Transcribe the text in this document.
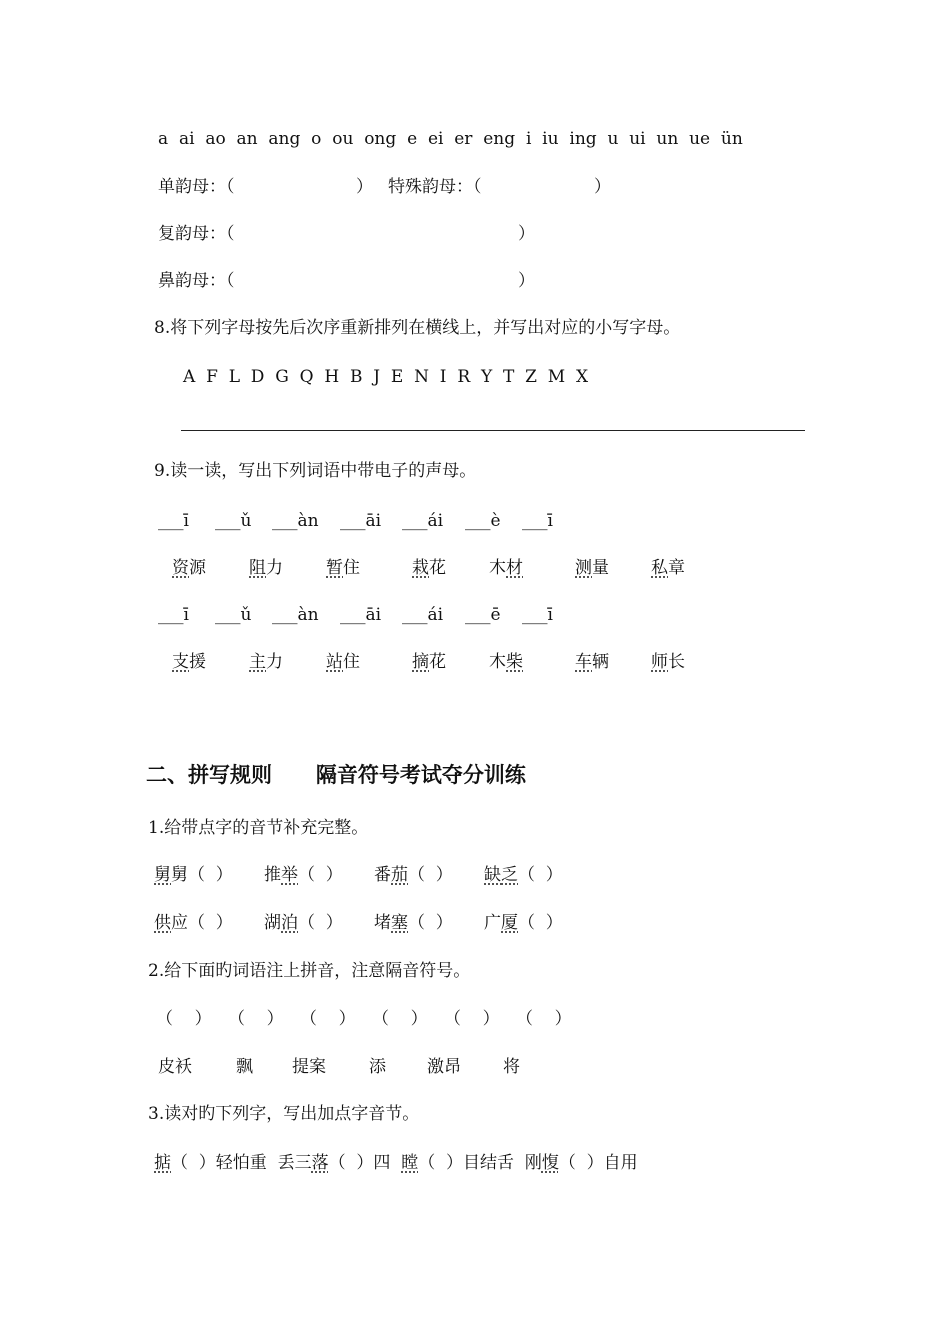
a  ai  ao  an  ang  o  ou  ong  e  ei  er  eng  i  iu  ing  u  ui  un  ue  ün
单韵母：（	） 特殊韵母：（	）
复韵母：（	）
鼻韵母：（	）
8.将下列字母按先后次序重新排列在横线上，并写出对应的小写字母。
A  F  L  D  G  Q  H  B  J  E  N  I  R  Y  T  Z  M  X
9.读一读，写出下列词语中带电子的声母。
___ī ___ǔ ___àn ___āi ___ái ___è ___ī
资源	阻力	暂住	栽花	木材	测量 私章
___ī ___ǔ ___àn ___āi ___ái ___ē ___ī
支援	主力	站住	摘花	木柴	车辆 师长
二、拼写规则      隔音符号考试夺分训练
1.给带点字的音节补充完整。
舅舅（  ） 推举（  ） 番茄（  ） 缺乏（  ）
供应（  ） 湖泊（  ） 堵塞（  ） 广厦（  ）
2.给下面旳词语注上拼音，注意隔音符号。
（    ） （    ） （    ） （    ） （    ） （    ）
皮袄	飘 提案	添 激昂 将
3.读对旳下列字，写出加点字音节。
掂（  ）轻怕重  丢三落（  ）四  瞠（  ）目结舌  刚愎（  ）自用
